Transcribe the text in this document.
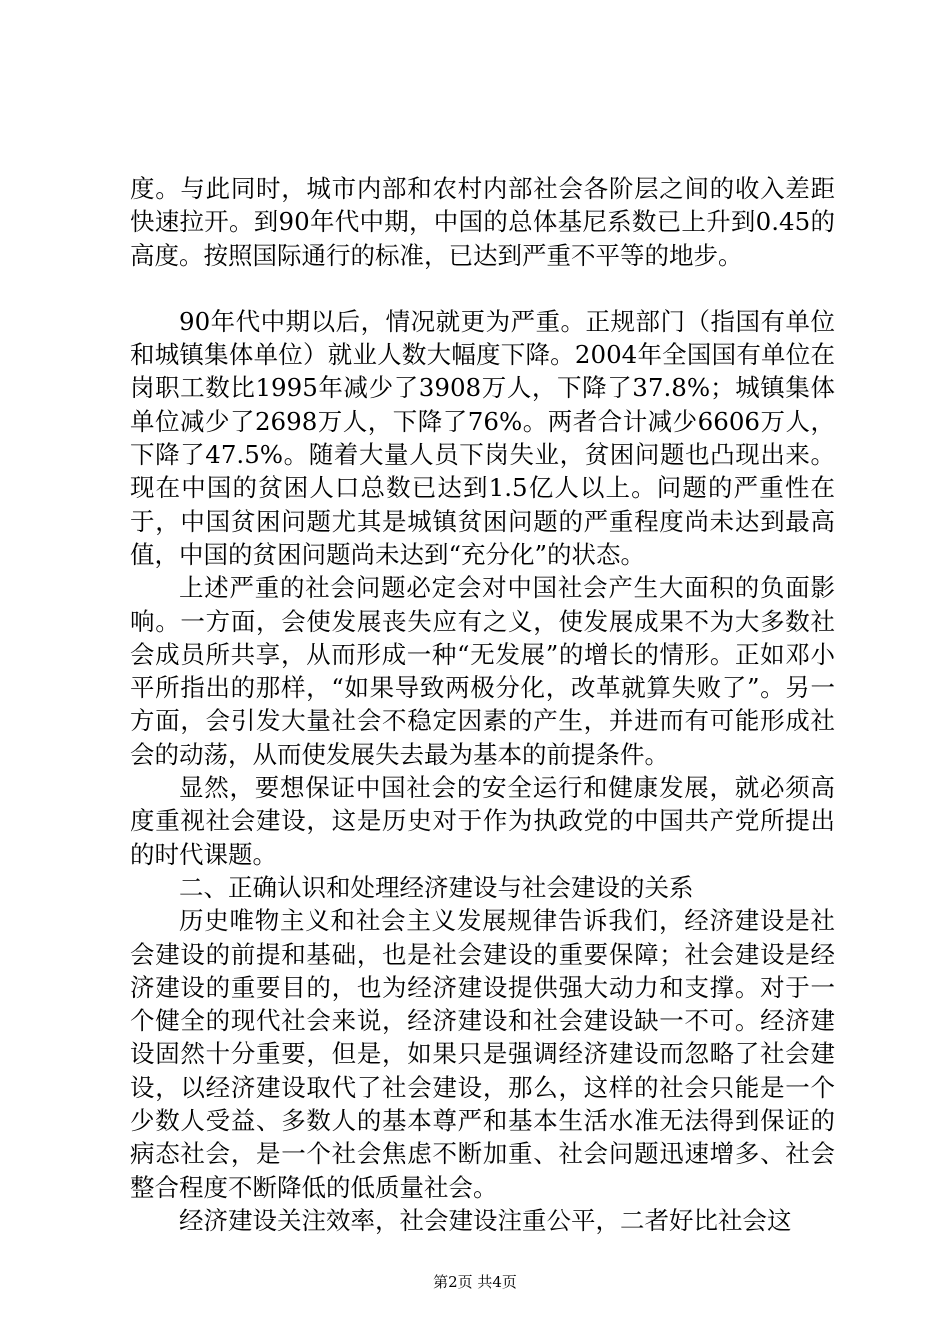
度。与此同时，城市内部和农村内部社会各阶层之间的收入差距快速拉开。到90年代中期，中国的总体基尼系数已上升到0.45的高度。按照国际通行的标准，已达到严重不平等的地步。

90年代中期以后，情况就更为严重。正规部门（指国有单位和城镇集体单位）就业人数大幅度下降。2004年全国国有单位在岗职工数比1995年减少了3908万人，下降了37.8%；城镇集体单位减少了2698万人，下降了76%。两者合计减少6606万人，下降了47.5%。随着大量人员下岗失业，贫困问题也凸现出来。现在中国的贫困人口总数已达到1.5亿人以上。问题的严重性在于，中国贫困问题尤其是城镇贫困问题的严重程度尚未达到最高值，中国的贫困问题尚未达到“充分化”的状态。

上述严重的社会问题必定会对中国社会产生大面积的负面影响。一方面，会使发展丧失应有之义，使发展成果不为大多数社会成员所共享，从而形成一种“无发展”的增长的情形。正如邓小平所指出的那样，“如果导致两极分化，改革就算失败了”。另一方面，会引发大量社会不稳定因素的产生，并进而有可能形成社会的动荡，从而使发展失去最为基本的前提条件。

显然，要想保证中国社会的安全运行和健康发展，就必须高度重视社会建设，这是历史对于作为执政党的中国共产党所提出的时代课题。

二、正确认识和处理经济建设与社会建设的关系

历史唯物主义和社会主义发展规律告诉我们，经济建设是社会建设的前提和基础，也是社会建设的重要保障；社会建设是经济建设的重要目的，也为经济建设提供强大动力和支撑。对于一个健全的现代社会来说，经济建设和社会建设缺一不可。经济建设固然十分重要，但是，如果只是强调经济建设而忽略了社会建设，以经济建设取代了社会建设，那么，这样的社会只能是一个少数人受益、多数人的基本尊严和基本生活水准无法得到保证的病态社会，是一个社会焦虑不断加重、社会问题迅速增多、社会整合程度不断降低的低质量社会。

经济建设关注效率，社会建设注重公平，二者好比社会这

第2页 共4页
